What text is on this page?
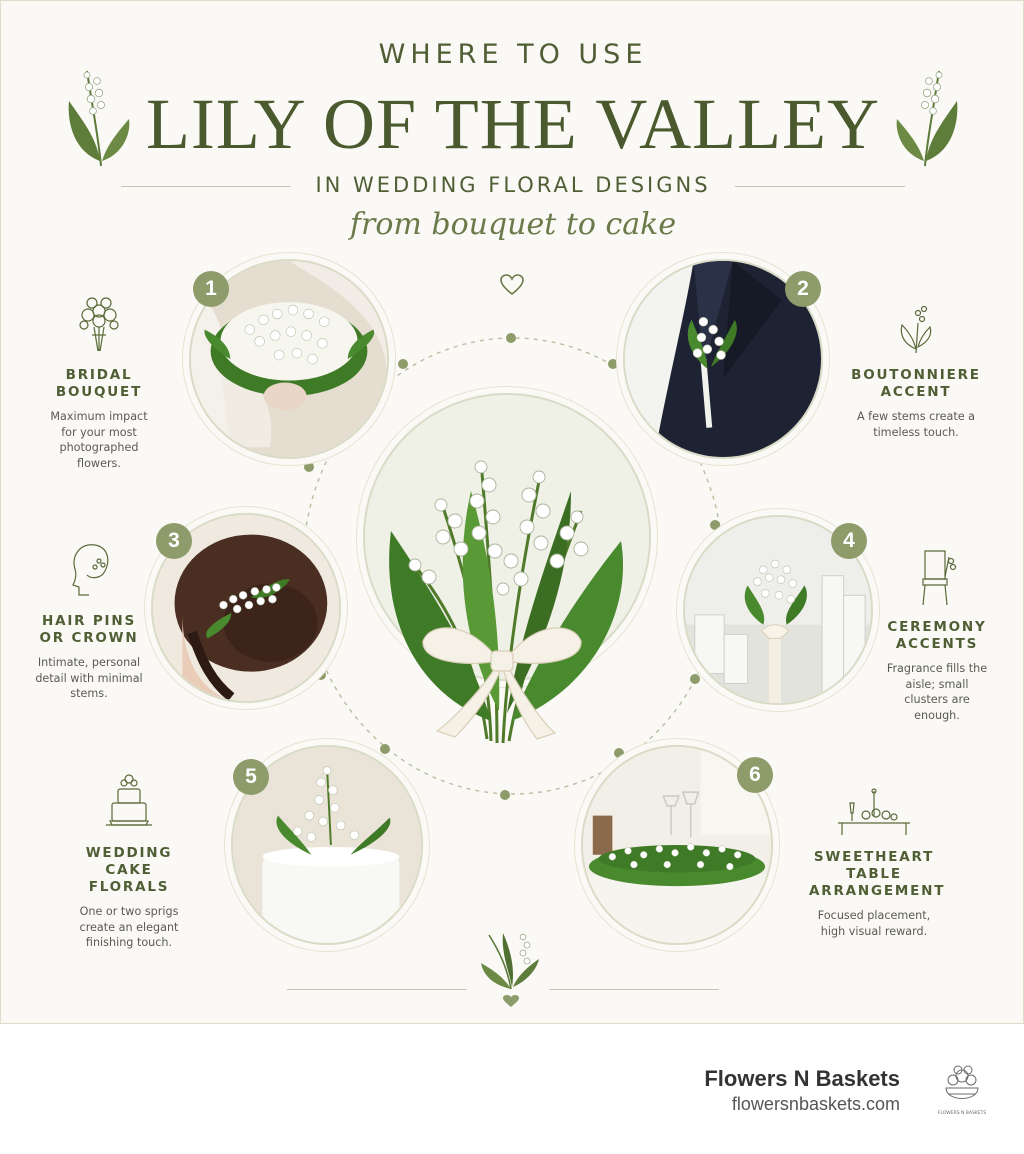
WHERE TO USE
LILY OF THE VALLEY
IN WEDDING FLORAL DESIGNS
from bouquet to cake
1	2
3	4
5	6
BRIDAL
BOUQUET
Maximum impact for your most photographed flowers.
BOUTONNIERE
ACCENT
A few stems create a timeless touch.
HAIR PINS
OR CROWN
Intimate, personal detail with minimal stems.
CEREMONY
ACCENTS
Fragrance fills the aisle; small clusters are enough.
WEDDING
CAKE FLORALS
One or two sprigs create an elegant finishing touch.
SWEETHEART
TABLE
ARRANGEMENT
Focused placement, high visual reward.
Flowers N Baskets
flowersnbaskets.com	FLOWERS N BASKETS
